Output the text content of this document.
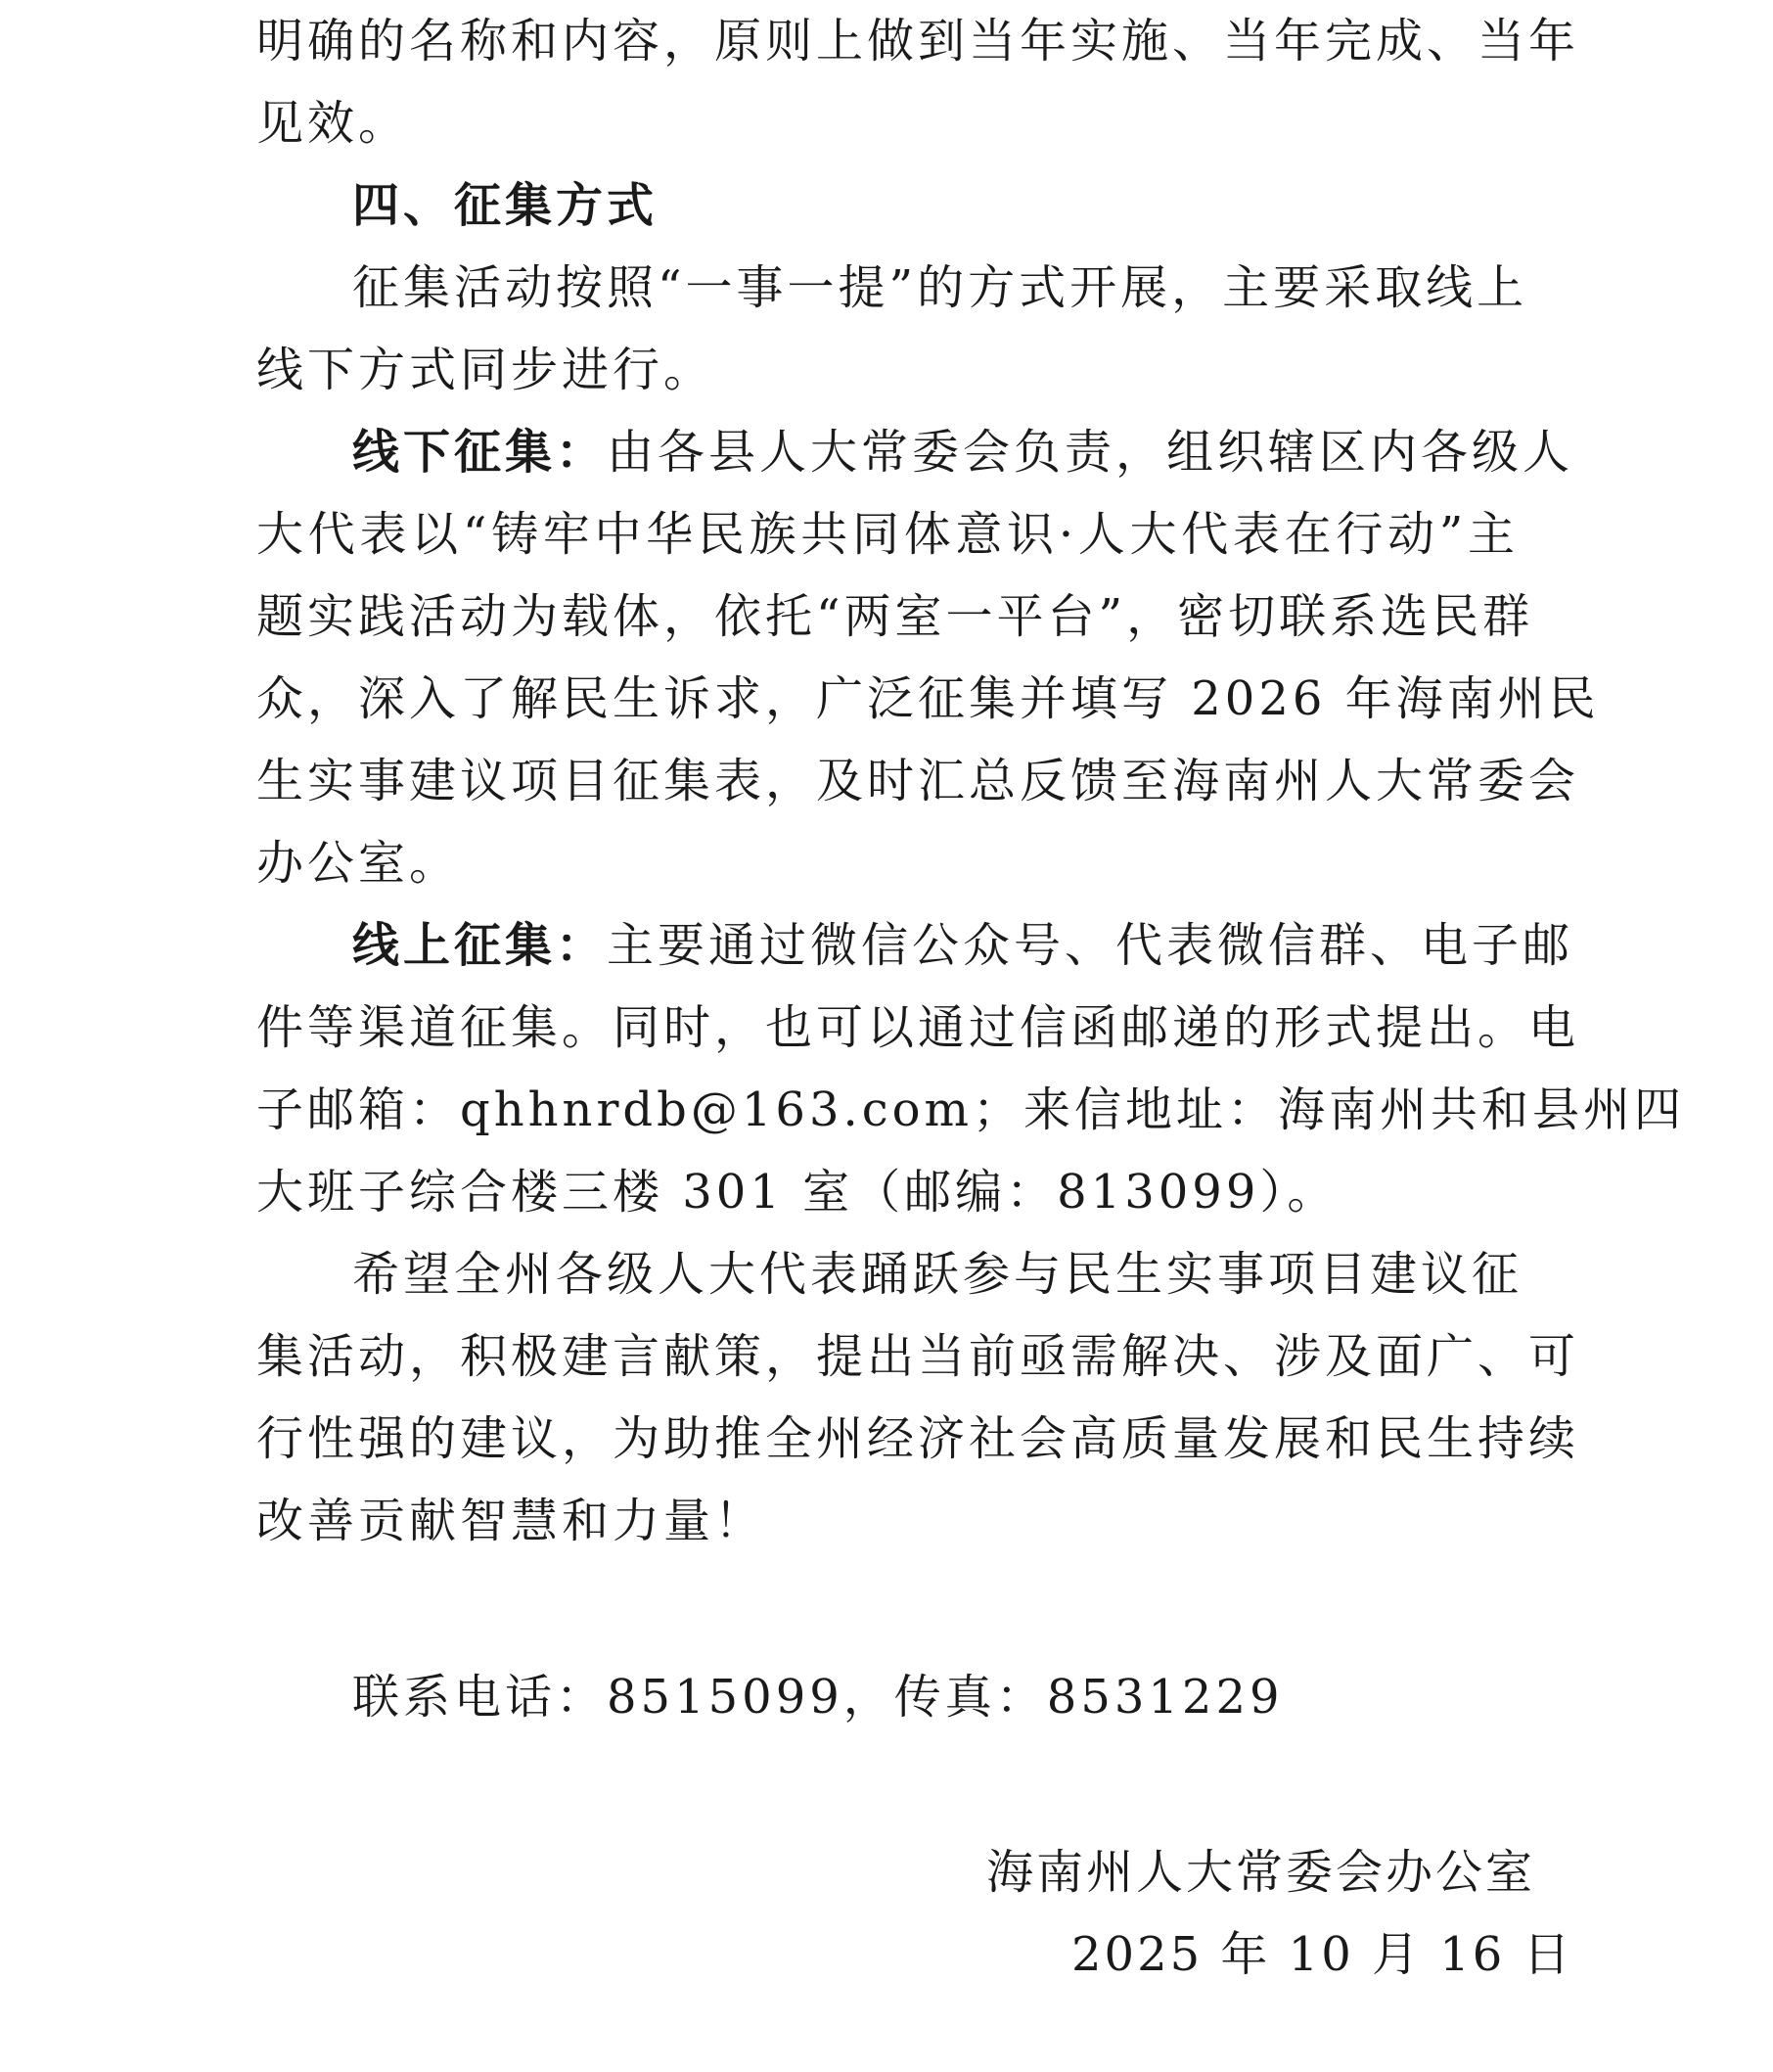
明确的名称和内容，原则上做到当年实施、当年完成、当年
见效。
四、征集方式
征集活动按照“一事一提”的方式开展，主要采取线上
线下方式同步进行。
线下征集：由各县人大常委会负责，组织辖区内各级人
大代表以“铸牢中华民族共同体意识·人大代表在行动”主
题实践活动为载体，依托“两室一平台”，密切联系选民群
众，深入了解民生诉求，广泛征集并填写 2026 年海南州民
生实事建议项目征集表，及时汇总反馈至海南州人大常委会
办公室。
线上征集：主要通过微信公众号、代表微信群、电子邮
件等渠道征集。同时，也可以通过信函邮递的形式提出。电
子邮箱：qhhnrdb@163.com；来信地址：海南州共和县州四
大班子综合楼三楼 301 室（邮编：813099）。
希望全州各级人大代表踊跃参与民生实事项目建议征
集活动，积极建言献策，提出当前亟需解决、涉及面广、可
行性强的建议，为助推全州经济社会高质量发展和民生持续
改善贡献智慧和力量！
联系电话：8515099，传真：8531229
海南州人大常委会办公室
2025 年 10 月 16 日
